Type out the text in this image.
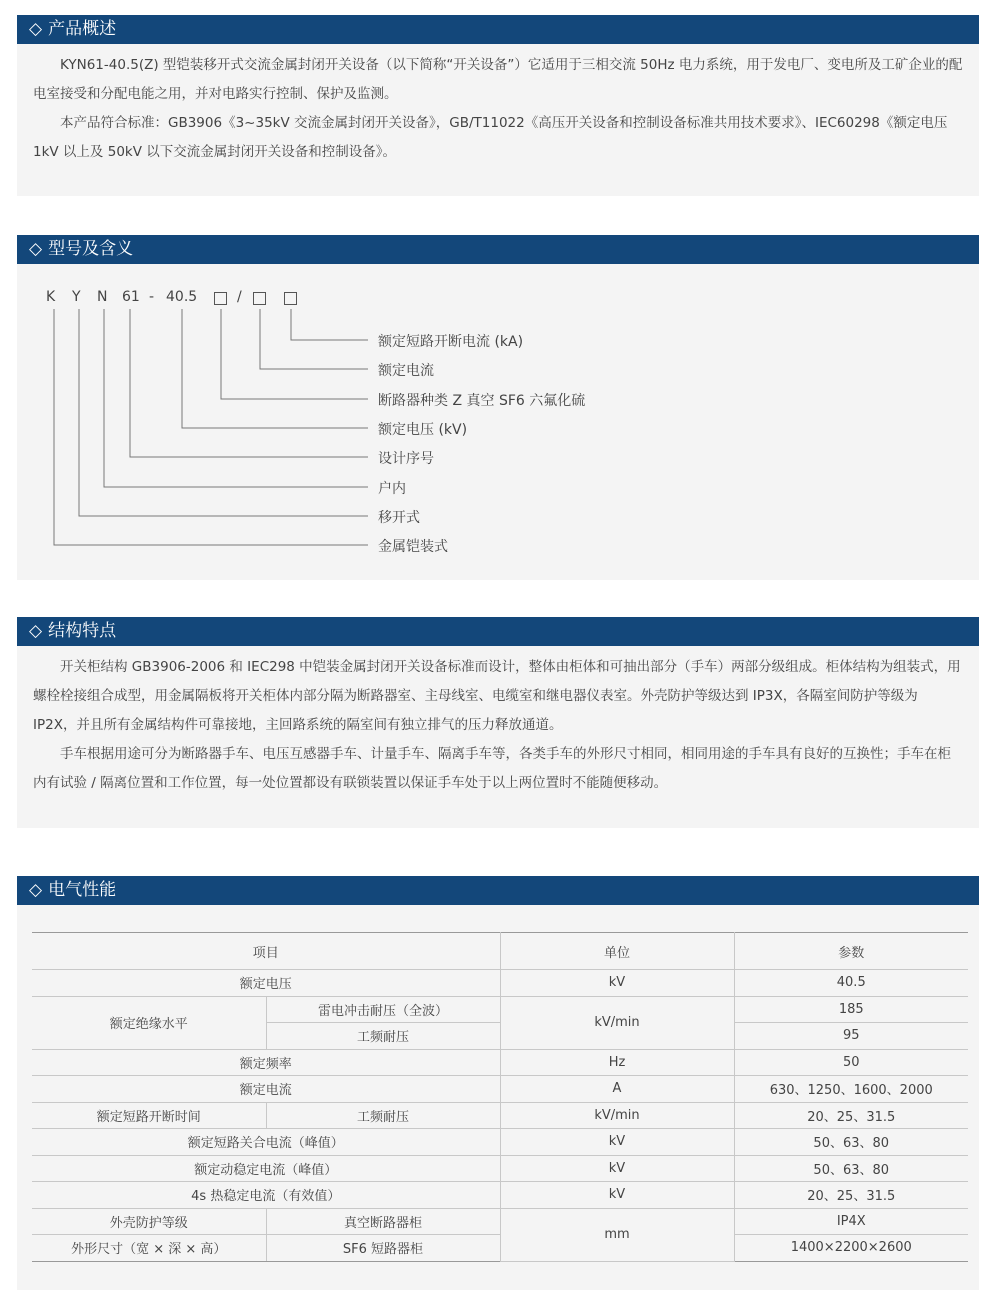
◇ 产品概述

KYN61-40.5(Z) 型铠装移开式交流金属封闭开关设备（以下简称“开关设备”）它适用于三相交流 50Hz 电力系统，用于发电厂、变电所及工矿企业的配电室接受和分配电能之用，并对电路实行控制、保护及监测。

本产品符合标准：GB3906《3~35kV 交流金属封闭开关设备》，GB/T11022《高压开关设备和控制设备标准共用技术要求》、IEC60298《额定电压 1kV 以上及 50kV 以下交流金属封闭开关设备和控制设备》。

◇ 型号及含义
K Y N 61 - 40.5	/
额定短路开断电流 (kA)
额定电流
断路器种类 Z 真空 SF6 六氟化硫
额定电压 (kV)
设计序号
户内
移开式
金属铠装式
◇ 结构特点

开关柜结构 GB3906-2006 和 IEC298 中铠装金属封闭开关设备标准而设计，整体由柜体和可抽出部分（手车）两部分级组成。柜体结构为组装式，用螺栓栓接组合成型，用金属隔板将开关柜体内部分隔为断路器室、主母线室、电缆室和继电器仪表室。外壳防护等级达到 IP3X，各隔室间防护等级为 IP2X，并且所有金属结构件可靠接地，主回路系统的隔室间有独立排气的压力释放通道。

手车根据用途可分为断路器手车、电压互感器手车、计量手车、隔离手车等，各类手车的外形尺寸相同，相同用途的手车具有良好的互换性；手车在柜内有试验 / 隔离位置和工作位置，每一处位置都设有联锁装置以保证手车处于以上两位置时不能随便移动。

◇ 电气性能
项目		单位	参数
额定电压		kV	40.5
额定绝缘水平	雷电冲击耐压（全波）	kV/min	185
	工频耐压		95
额定频率		Hz	50
额定电流		A	630、1250、1600、2000
额定短路开断时间	工频耐压	kV/min	20、25、31.5
额定短路关合电流（峰值）		kV	50、63、80
额定动稳定电流（峰值）		kV	50、63、80
4s 热稳定电流（有效值）		kV	20、25、31.5
外壳防护等级	真空断路器柜	mm	IP4X
外形尺寸（宽 × 深 × 高）	SF6 短路器柜		1400×2200×2600
